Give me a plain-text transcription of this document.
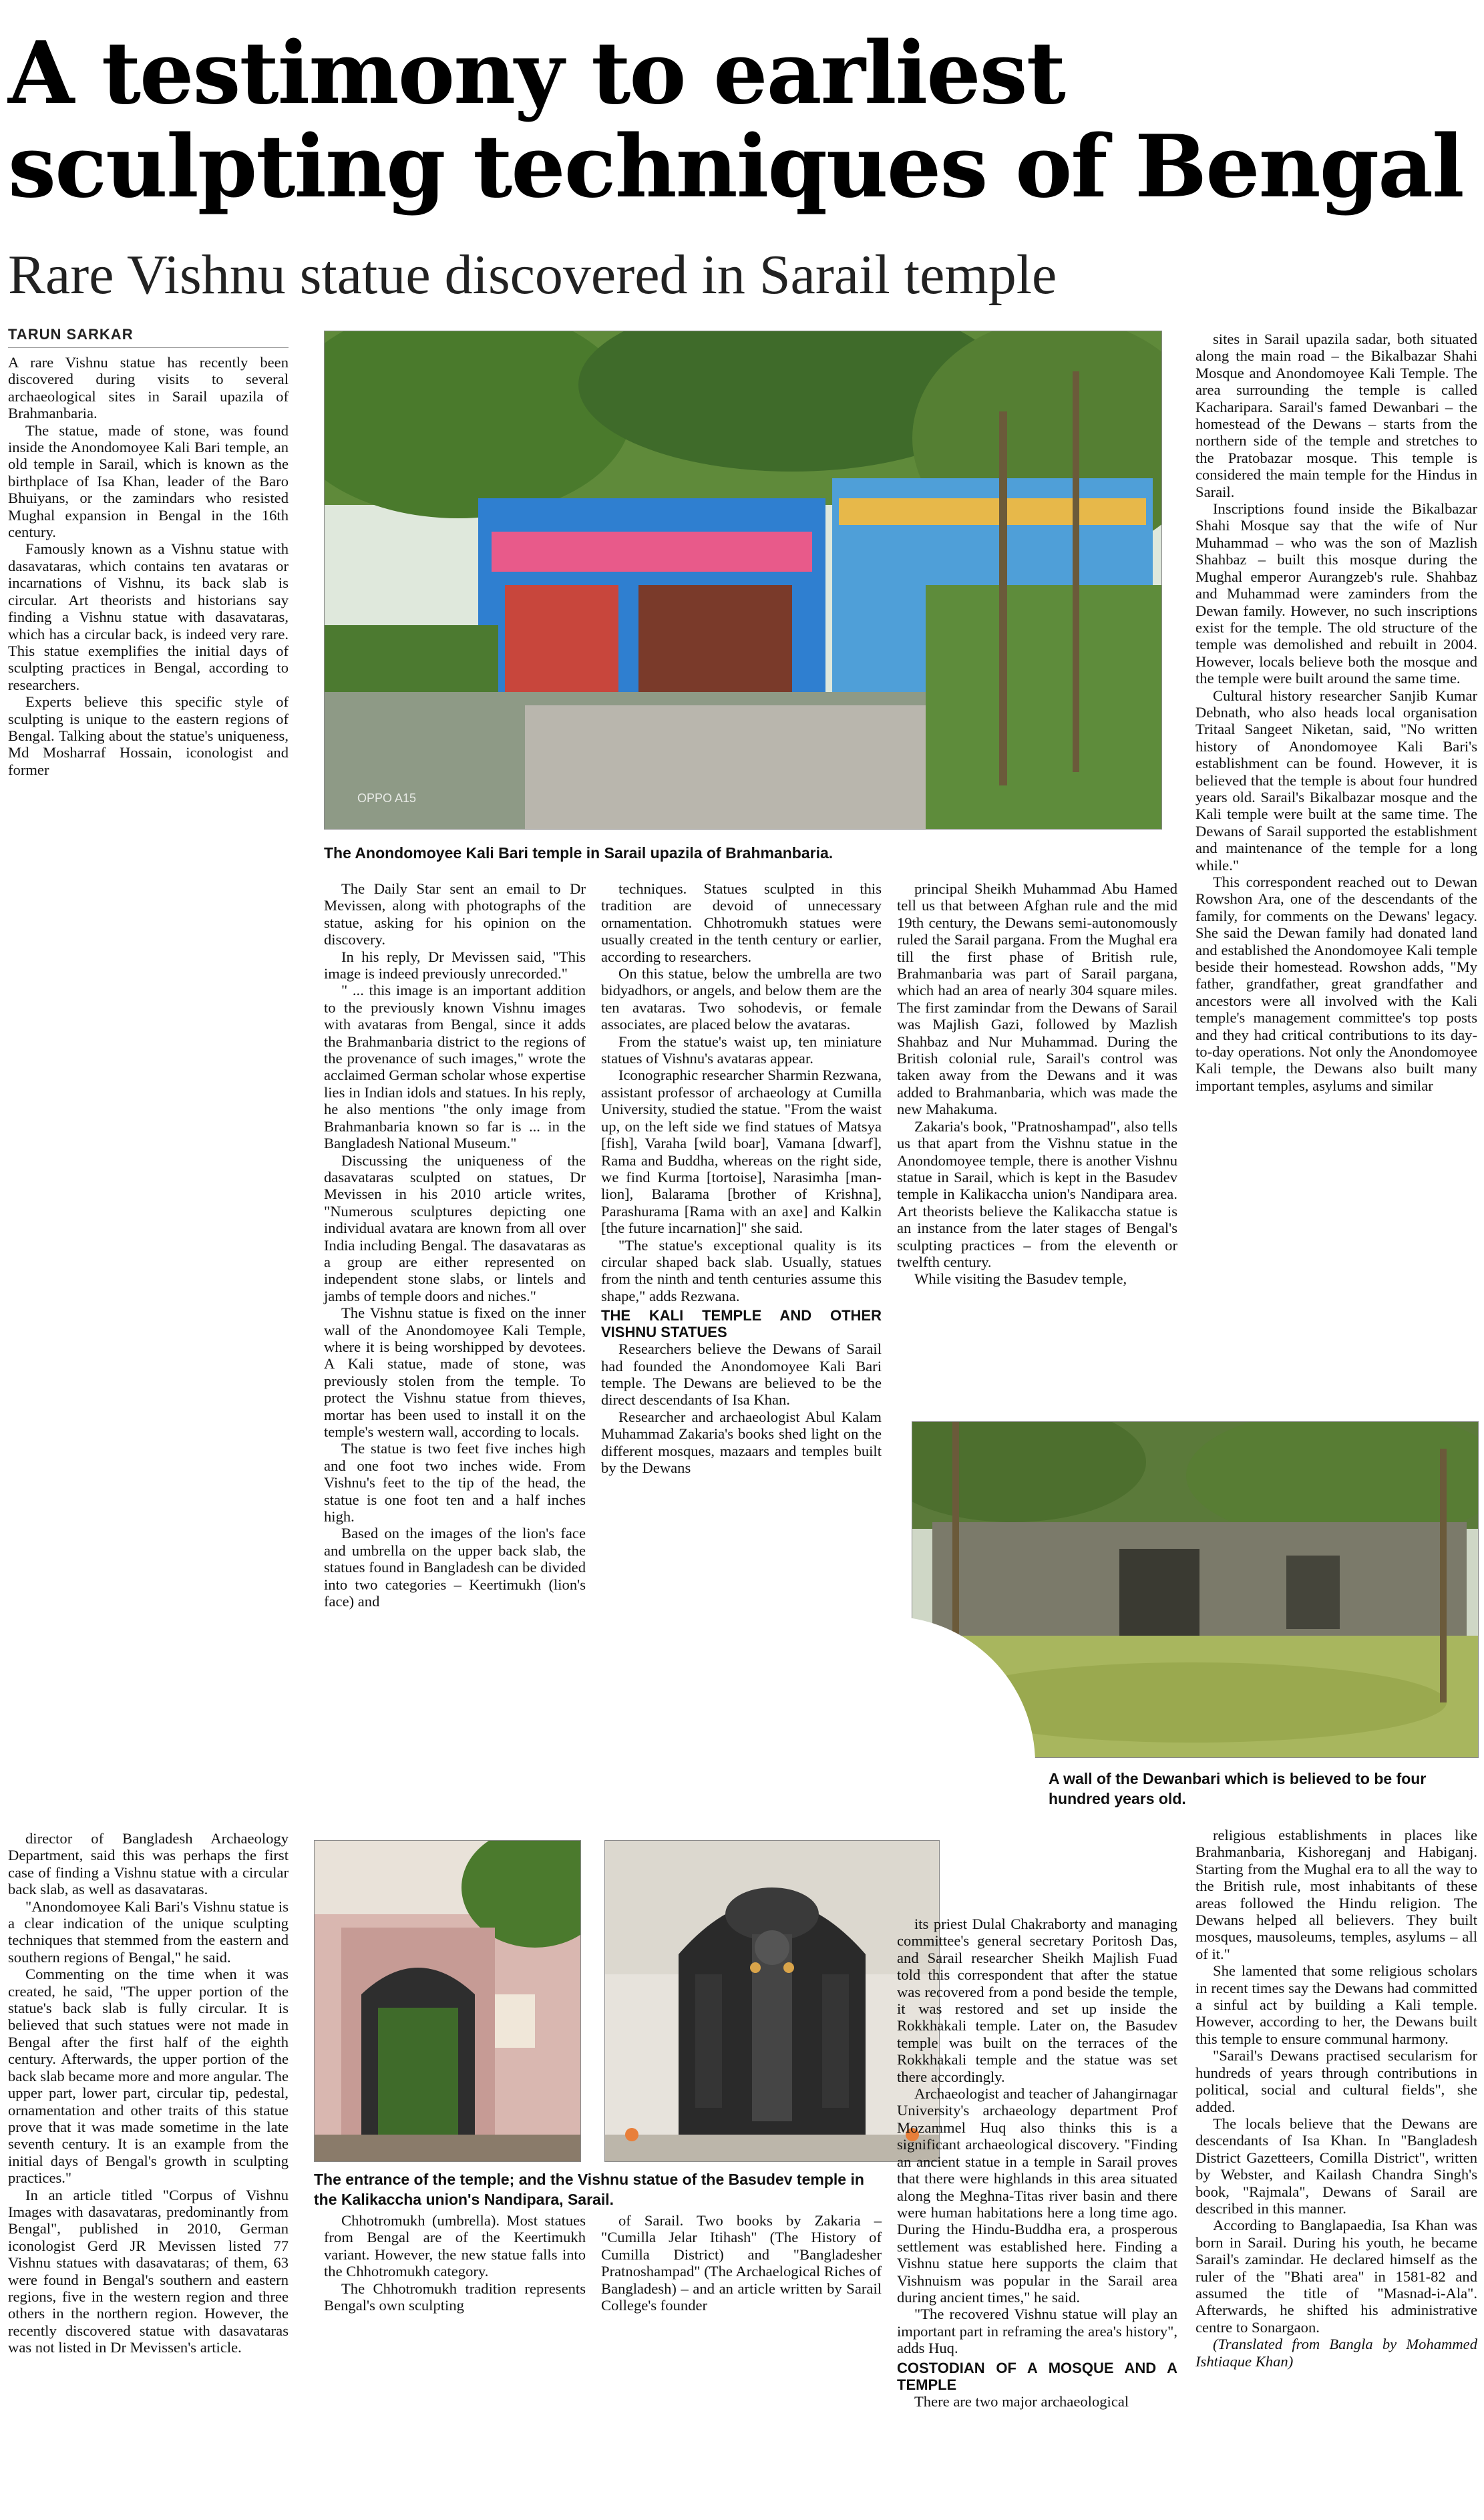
A testimony to earliest
sculpting techniques of Bengal
Rare Vishnu statue discovered in Sarail temple
TARUN SARKAR

A rare Vishnu statue has recently been discovered during visits to several archaeological sites in Sarail upazila of Brahmanbaria.

The statue, made of stone, was found inside the Anondomoyee Kali Bari temple, an old temple in Sarail, which is known as the birthplace of Isa Khan, leader of the Baro Bhuiyans, or the zamindars who resisted Mughal expansion in Bengal in the 16th century.

Famously known as a Vishnu statue with dasavataras, which contains ten avataras or incarnations of Vishnu, its back slab is circular. Art theorists and historians say finding a Vishnu statue with dasavataras, which has a circular back, is indeed very rare. This statue exemplifies the initial days of sculpting practices in Bengal, according to researchers.

Experts believe this specific style of sculpting is unique to the eastern regions of Bengal. Talking about the statue's uniqueness, Md Mosharraf Hossain, iconologist and former

OPPO A15
The Anondomoyee Kali Bari temple in Sarail upazila of Brahmanbaria.

The Daily Star sent an email to Dr Mevissen, along with photographs of the statue, asking for his opinion on the discovery.

In his reply, Dr Mevissen said, "This image is indeed previously unrecorded."

" ... this image is an important addition to the previously known Vishnu images with avataras from Bengal, since it adds the Brahmanbaria district to the regions of the provenance of such images," wrote the acclaimed German scholar whose expertise lies in Indian idols and statues. In his reply, he also mentions "the only image from Brahmanbaria known so far is ... in the Bangladesh National Museum."

Discussing the uniqueness of the dasavataras sculpted on statues, Dr Mevissen in his 2010 article writes, "Numerous sculptures depicting one individual avatara are known from all over India including Bengal. The dasavataras as a group are either represented on independent stone slabs, or lintels and jambs of temple doors and niches."

The Vishnu statue is fixed on the inner wall of the Anondomoyee Kali Temple, where it is being worshipped by devotees. A Kali statue, made of stone, was previously stolen from the temple. To protect the Vishnu statue from thieves, mortar has been used to install it on the temple's western wall, according to locals.

The statue is two feet five inches high and one foot two inches wide. From Vishnu's feet to the tip of the head, the statue is one foot ten and a half inches high.

Based on the images of the lion's face and umbrella on the upper back slab, the statues found in Bangladesh can be divided into two categories – Keertimukh (lion's face) and

techniques. Statues sculpted in this tradition are devoid of unnecessary ornamentation. Chhotromukh statues were usually created in the tenth century or earlier, according to researchers.

On this statue, below the umbrella are two bidyadhors, or angels, and below them are the ten avataras. Two sohodevis, or female associates, are placed below the avataras.

From the statue's waist up, ten miniature statues of Vishnu's avataras appear.

Iconographic researcher Sharmin Rezwana, assistant professor of archaeology at Cumilla University, studied the statue. "From the waist up, on the left side we find statues of Matsya [fish], Varaha [wild boar], Vamana [dwarf], Rama and Buddha, whereas on the right side, we find Kurma [tortoise], Narasimha [man-lion], Balarama [brother of Krishna], Parashurama [Rama with an axe] and Kalkin [the future incarnation]" she said.

"The statue's exceptional quality is its circular shaped back slab. Usually, statues from the ninth and tenth centuries assume this shape," adds Rezwana.

THE KALI TEMPLE AND OTHER VISHNU STATUES

Researchers believe the Dewans of Sarail had founded the Anondomoyee Kali Bari temple. The Dewans are believed to be the direct descendants of Isa Khan.

Researcher and archaeologist Abul Kalam Muhammad Zakaria's books shed light on the different mosques, mazaars and temples built by the Dewans

principal Sheikh Muhammad Abu Hamed tell us that between Afghan rule and the mid 19th century, the Dewans semi-autonomously ruled the Sarail pargana. From the Mughal era till the first phase of British rule, Brahmanbaria was part of Sarail pargana, which had an area of nearly 304 square miles. The first zamindar from the Dewans of Sarail was Majlish Gazi, followed by Mazlish Shahbaz and Nur Muhammad. During the British colonial rule, Sarail's control was taken away from the Dewans and it was added to Brahmanbaria, which was made the new Mahakuma.

Zakaria's book, "Pratnoshampad", also tells us that apart from the Vishnu statue in the Anondomoyee temple, there is another Vishnu statue in Sarail, which is kept in the Basudev temple in Kalikaccha union's Nandipara area. Art theorists believe the Kalikaccha statue is an instance from the later stages of Bengal's sculpting practices – from the eleventh or twelfth century.

While visiting the Basudev temple,

sites in Sarail upazila sadar, both situated along the main road – the Bikalbazar Shahi Mosque and Anondomoyee Kali Temple. The area surrounding the temple is called Kacharipara. Sarail's famed Dewanbari – the homestead of the Dewans – starts from the northern side of the temple and stretches to the Pratobazar mosque. This temple is considered the main temple for the Hindus in Sarail.

Inscriptions found inside the Bikalbazar Shahi Mosque say that the wife of Nur Muhammad – who was the son of Mazlish Shahbaz – built this mosque during the Mughal emperor Aurangzeb's rule. Shahbaz and Muhammad were zaminders from the Dewan family. However, no such inscriptions exist for the temple. The old structure of the temple was demolished and rebuilt in 2004. However, locals believe both the mosque and the temple were built around the same time.

Cultural history researcher Sanjib Kumar Debnath, who also heads local organisation Tritaal Sangeet Niketan, said, "No written history of Anondomoyee Kali Bari's establishment can be found. However, it is believed that the temple is about four hundred years old. Sarail's Bikalbazar mosque and the Kali temple were built at the same time. The Dewans of Sarail supported the establishment and maintenance of the temple for a long while."

This correspondent reached out to Dewan Rowshon Ara, one of the descendants of the family, for comments on the Dewans' legacy. She said the Dewan family had donated land and established the Anondomoyee Kali temple beside their homestead. Rowshon adds, "My father, grandfather, great grandfather and ancestors were all involved with the Kali temple's management committee's top posts and they had critical contributions to its day-to-day operations. Not only the Anondomoyee Kali temple, the Dewans also built many important temples, asylums and similar

A wall of the Dewanbari which is believed to be four
hundred years old.

director of Bangladesh Archaeology Department, said this was perhaps the first case of finding a Vishnu statue with a circular back slab, as well as dasavataras.

"Anondomoyee Kali Bari's Vishnu statue is a clear indication of the unique sculpting techniques that stemmed from the eastern and southern regions of Bengal," he said.

Commenting on the time when it was created, he said, "The upper portion of the statue's back slab is fully circular. It is believed that such statues were not made in Bengal after the first half of the eighth century. Afterwards, the upper portion of the back slab became more and more angular. The upper part, lower part, circular tip, pedestal, ornamentation and other traits of this statue prove that it was made sometime in the late seventh century. It is an example from the initial days of Bengal's growth in sculpting practices."

In an article titled "Corpus of Vishnu Images with dasavataras, predominantly from Bengal", published in 2010, German iconologist Gerd JR Mevissen listed 77 Vishnu statues with dasavataras; of them, 63 were found in Bengal's southern and eastern regions, five in the western region and three others in the northern region. However, the recently discovered statue with dasavataras was not listed in Dr Mevissen's article.

The entrance of the temple; and the Vishnu statue of the Basudev temple in
the Kalikaccha union's Nandipara, Sarail.

Chhotromukh (umbrella). Most statues from Bengal are of the Keertimukh variant. However, the new statue falls into the Chhotromukh category.

The Chhotromukh tradition represents Bengal's own sculpting

of Sarail. Two books by Zakaria – "Cumilla Jelar Itihash" (The History of Cumilla District) and "Bangladesher Pratnoshampad" (The Archaelogical Riches of Bangladesh) – and an article written by Sarail College's founder

its priest Dulal Chakraborty and managing committee's general secretary Poritosh Das, and Sarail researcher Sheikh Majlish Fuad told this correspondent that after the statue was recovered from a pond beside the temple, it was restored and set up inside the Rokkhakali temple. Later on, the Basudev temple was built on the terraces of the Rokkhakali temple and the statue was set there accordingly.

Archaeologist and teacher of Jahangirnagar University's archaeology department Prof Mozammel Huq also thinks this is a significant archaeological discovery. "Finding an ancient statue in a temple in Sarail proves that there were highlands in this area situated along the Meghna-Titas river basin and there were human habitations here a long time ago. During the Hindu-Buddha era, a prosperous settlement was established here. Finding a Vishnu statue here supports the claim that Vishnuism was popular in the Sarail area during ancient times," he said.

"The recovered Vishnu statue will play an important part in reframing the area's history", adds Huq.

COSTODIAN OF A MOSQUE AND A TEMPLE

There are two major archaeological

religious establishments in places like Brahmanbaria, Kishoreganj and Habiganj. Starting from the Mughal era to all the way to the British rule, most inhabitants of these areas followed the Hindu religion. The Dewans helped all believers. They built mosques, mausoleums, temples, asylums – all of it."

She lamented that some religious scholars in recent times say the Dewans had committed a sinful act by building a Kali temple. However, according to her, the Dewans built this temple to ensure communal harmony.

"Sarail's Dewans practised secularism for hundreds of years through contributions in political, social and cultural fields", she added.

The locals believe that the Dewans are descendants of Isa Khan. In "Bangladesh District Gazetteers, Comilla District", written by Webster, and Kailash Chandra Singh's book, "Rajmala", Dewans of Sarail are described in this manner.

According to Banglapaedia, Isa Khan was born in Sarail. During his youth, he became Sarail's zamindar. He declared himself as the ruler of the "Bhati area" in 1581-82 and assumed the title of "Masnad-i-Ala". Afterwards, he shifted his administrative centre to Sonargaon.

(Translated from Bangla by Mohammed Ishtiaque Khan)
